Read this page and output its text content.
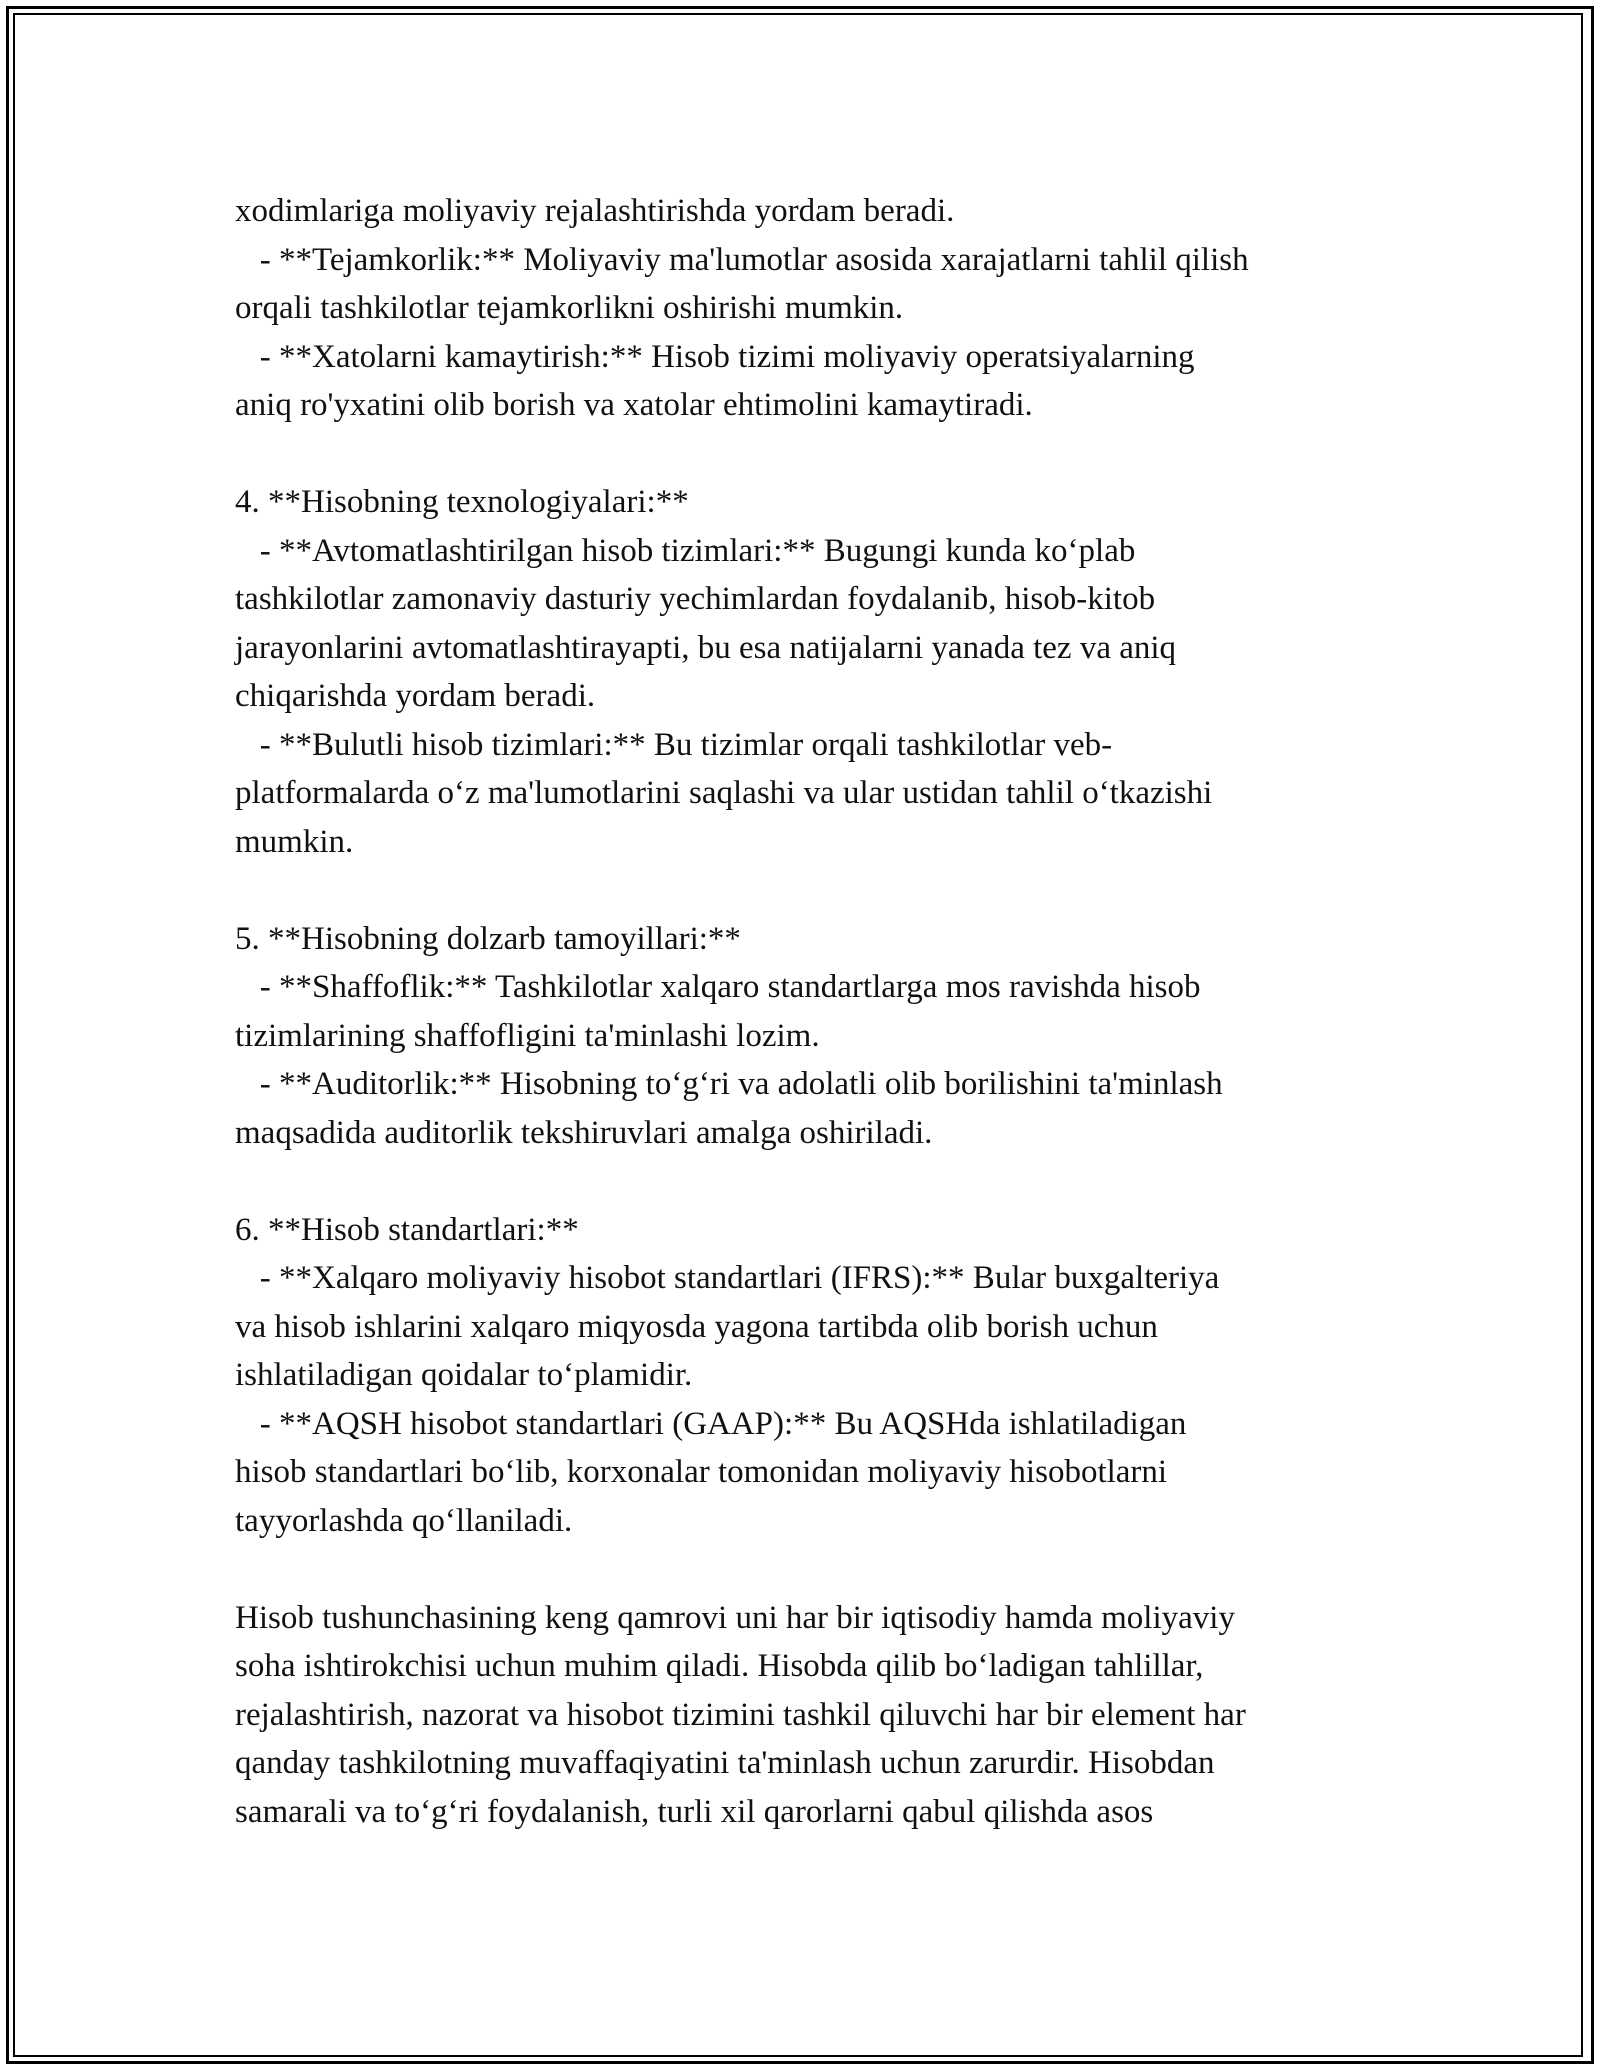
xodimlariga moliyaviy rejalashtirishda yordam beradi.
- **Tejamkorlik:** Moliyaviy ma'lumotlar asosida xarajatlarni tahlil qilish
orqali tashkilotlar tejamkorlikni oshirishi mumkin.
- **Xatolarni kamaytirish:** Hisob tizimi moliyaviy operatsiyalarning
aniq ro'yxatini olib borish va xatolar ehtimolini kamaytiradi.
4. **Hisobning texnologiyalari:**
- **Avtomatlashtirilgan hisob tizimlari:** Bugungi kunda ko‘plab
tashkilotlar zamonaviy dasturiy yechimlardan foydalanib, hisob-kitob
jarayonlarini avtomatlashtirayapti, bu esa natijalarni yanada tez va aniq
chiqarishda yordam beradi.
- **Bulutli hisob tizimlari:** Bu tizimlar orqali tashkilotlar veb-
platformalarda o‘z ma'lumotlarini saqlashi va ular ustidan tahlil o‘tkazishi
mumkin.
5. **Hisobning dolzarb tamoyillari:**
- **Shaffoflik:** Tashkilotlar xalqaro standartlarga mos ravishda hisob
tizimlarining shaffofligini ta'minlashi lozim.
- **Auditorlik:** Hisobning to‘g‘ri va adolatli olib borilishini ta'minlash
maqsadida auditorlik tekshiruvlari amalga oshiriladi.
6. **Hisob standartlari:**
- **Xalqaro moliyaviy hisobot standartlari (IFRS):** Bular buxgalteriya
va hisob ishlarini xalqaro miqyosda yagona tartibda olib borish uchun
ishlatiladigan qoidalar to‘plamidir.
- **AQSH hisobot standartlari (GAAP):** Bu AQSHda ishlatiladigan
hisob standartlari bo‘lib, korxonalar tomonidan moliyaviy hisobotlarni
tayyorlashda qo‘llaniladi.
Hisob tushunchasining keng qamrovi uni har bir iqtisodiy hamda moliyaviy
soha ishtirokchisi uchun muhim qiladi. Hisobda qilib bo‘ladigan tahlillar,
rejalashtirish, nazorat va hisobot tizimini tashkil qiluvchi har bir element har
qanday tashkilotning muvaffaqiyatini ta'minlash uchun zarurdir. Hisobdan
samarali va to‘g‘ri foydalanish, turli xil qarorlarni qabul qilishda asos
